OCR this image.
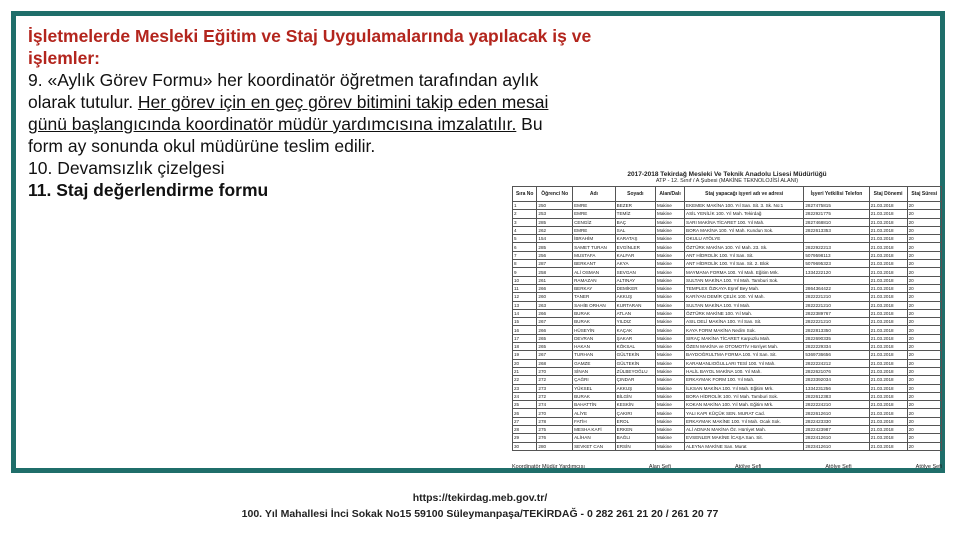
İşletmelerde Mesleki Eğitim ve Staj Uygulamalarında yapılacak iş ve
işlemler:
9. «Aylık Görev Formu» her koordinatör öğretmen tarafından aylık
olarak tutulur. Her görev için en geç görev bitimini takip eden mesai
günü başlangıcında koordinatör müdür yardımcısına imzalatılır. Bu
form ay sonunda okul müdürüne teslim edilir.
10. Devamsızlık çizelgesi
11. Staj değerlendirme formu
2017-2018 Tekirdağ Mesleki Ve Teknik Anadolu Lisesi Müdürlüğü
ATP - 12. Sınıf / A Şubesi (MAKİNE TEKNOLOJİSİ ALANI)
Sıra No	Öğrenci No	Adı	Soyadı	Alan/Dalı	Staj yapacağı işyeri adı ve adresi	İşyeri Yetkilisi Telefon	Staj Dönemi	Staj Süresi
1	250	EMRE	BEZER	Makine	EKEMEK MAKİNA 100. Yıl San. Sit. 3. Sk. No:1	2827475815	21.03.2018	20
2	253	EMRE	TEMİZ	Makine	ASİL YENİLİK 100. Yıl Mah. Tekirdağ	2822921775	21.03.2018	20
3	285	CENGİZ	BAÇ	Makine	SARI MAKİNA TİCARET 100. Yıl Mah.	2827468810	21.03.2018	20
4	262	EMRE	SAL	Makine	BORA MAKİNA 100. Yıl Mah. Kundun Sok.	2822613353	21.03.2018	20
5	154	İBRAHİM	KARATAŞ	Makine	OKULU ATÖLYE		21.03.2018	20
6	285	SAMET TURAN	EVGİNLER	Makine	ÖZTÜRK MAKİNA 100. Yıl Mah. 23. Sk.	2822922213	21.03.2018	20
7	256	MUSTAFA	KALFAR	Makine	ANT HİDROLİK 100. Yıl San. Sit.	5079598113	21.03.2018	20
8	287	BERKANT	AKYA	Makine	ANT HİDROLİK 100. Yıl San. Sit. 2. Blok	5079695323	21.03.2018	20
9	258	ALİ OSMAN	SEVGAN	Makine	MAYMANA FORMA 100. Yıl Mah. Eğitim Mrk.	1334222120	21.03.2018	20
10	261	RAMAZAN	ALTINAY	Makine	SULTAN MAKİNA 100. Yıl Mah. Tamburi Sok.		21.03.2018	20
11	266	BERKAY	DEMİKER	Makine	TEMPLEX ÖZKAYA Eşref Bey Mah.	2864364422	21.03.2018	20
12	260	TANER	AKKUŞ	Makine	KARİYAN DEMİR ÇELİK 100. Yıl Mah.	2822221210	21.03.2018	20
13	263	SAHİB ORHAN	KURTARAN	Makine	SULTAN MAKİNA 100. Yıl Mah.	2822221210	21.03.2018	20
14	266	BURAK	ATLAN	Makine	ÖZTÜRK MAKİNE 100. Yıl Mah.	2822389767	21.03.2018	20
15	267	BURAK	YILDIZ	Makine	ASIL DELİ MAKİNA 100. Yıl San. Sit.	2822221210	21.03.2018	20
16	266	HÜSEYİN	KAÇAK	Makine	KAYA FORM MAKİNA Nedim Sok.	2822813350	21.03.2018	20
17	265	DEVRAN	ŞAKAR	Makine	SIRAÇ MAKİNA TİCARET Karpuzlu Mah.	2822690335	21.03.2018	20
18	265	HAKAN	KÖKSAL	Makine	ÖZEN MAKİNA ve OTOMOTİV Hürriyet Mah.	2822229334	21.03.2018	20
19	267	TURHAN	GÜLTEKİN	Makine	BAYDOĞRULTMA FORMA 100. Yıl San. Sit.	5369736656	21.03.2018	20
20	268	GAMZE	GÜLTEKİN	Makine	KARAMANLIOĞULLARI TESİ 100. Yıl Mah.	2822224212	21.03.2018	20
21	270	SİNAN	ZÜLBEYOĞLU	Makine	HALİL BAYOL MAKİNA 100. Yıl Mah.	2822621076	21.03.2018	20
22	272	ÇAĞRI	ÇINDAR	Makine	ERKAYMAK FORM 100. Yıl Mah.	2823392034	21.03.2018	20
23	273	YÜKSEL	AKKUŞ	Makine	İLKSAN MAKİNA 100. Yıl Mah. Eğitim Mrk.	1334231256	21.03.2018	20
24	272	BURAK	BİLGİN	Makine	BORA HİDROLİK 100. Yıl Mah. Tamburi Sok.	2822612383	21.03.2018	20
25	274	BAHATTİN	KESKİN	Makine	KOKAN MAKİNA 100. Yıl Mah. Eğitim Mrk.	2822224210	21.03.2018	20
26	270	ALİYE	ÇAKIRI	Makine	YALI KAPI KÜÇÜK SEN. MURAT Cad.	2822612610	21.03.2018	20
27	278	FATİH	EROL	Makine	ERKAYMAK MAKİNE 100. Yıl Mah. Ocak Sok.	2822423330	21.03.2018	20
28	275	MESHA KAFİ	ERKEN	Makine	ALİ ADNAN MAKİNA Öz. Hürriyet Mah.	2822423987	21.03.2018	20
29	276	ALİHAN	BAĞLI	Makine	EVSENLER MAKİNE İCAŞA San. Sit.	2822412610	21.03.2018	20
30	280	SEVKET CAN	ERSİN	Makine	ALEYNA MAKİNE San. Murat	2823412610	21.03.2018	20
Koordinatör Müdür Yardımcısı	Alan Şefi	Atölye Şefi	Atölye Şefi	Atölye Şefi
https://tekirdag.meb.gov.tr/
100. Yıl Mahallesi İnci Sokak No15 59100 Süleymanpaşa/TEKİRDAĞ - 0 282 261 21 20 / 261 20 77
